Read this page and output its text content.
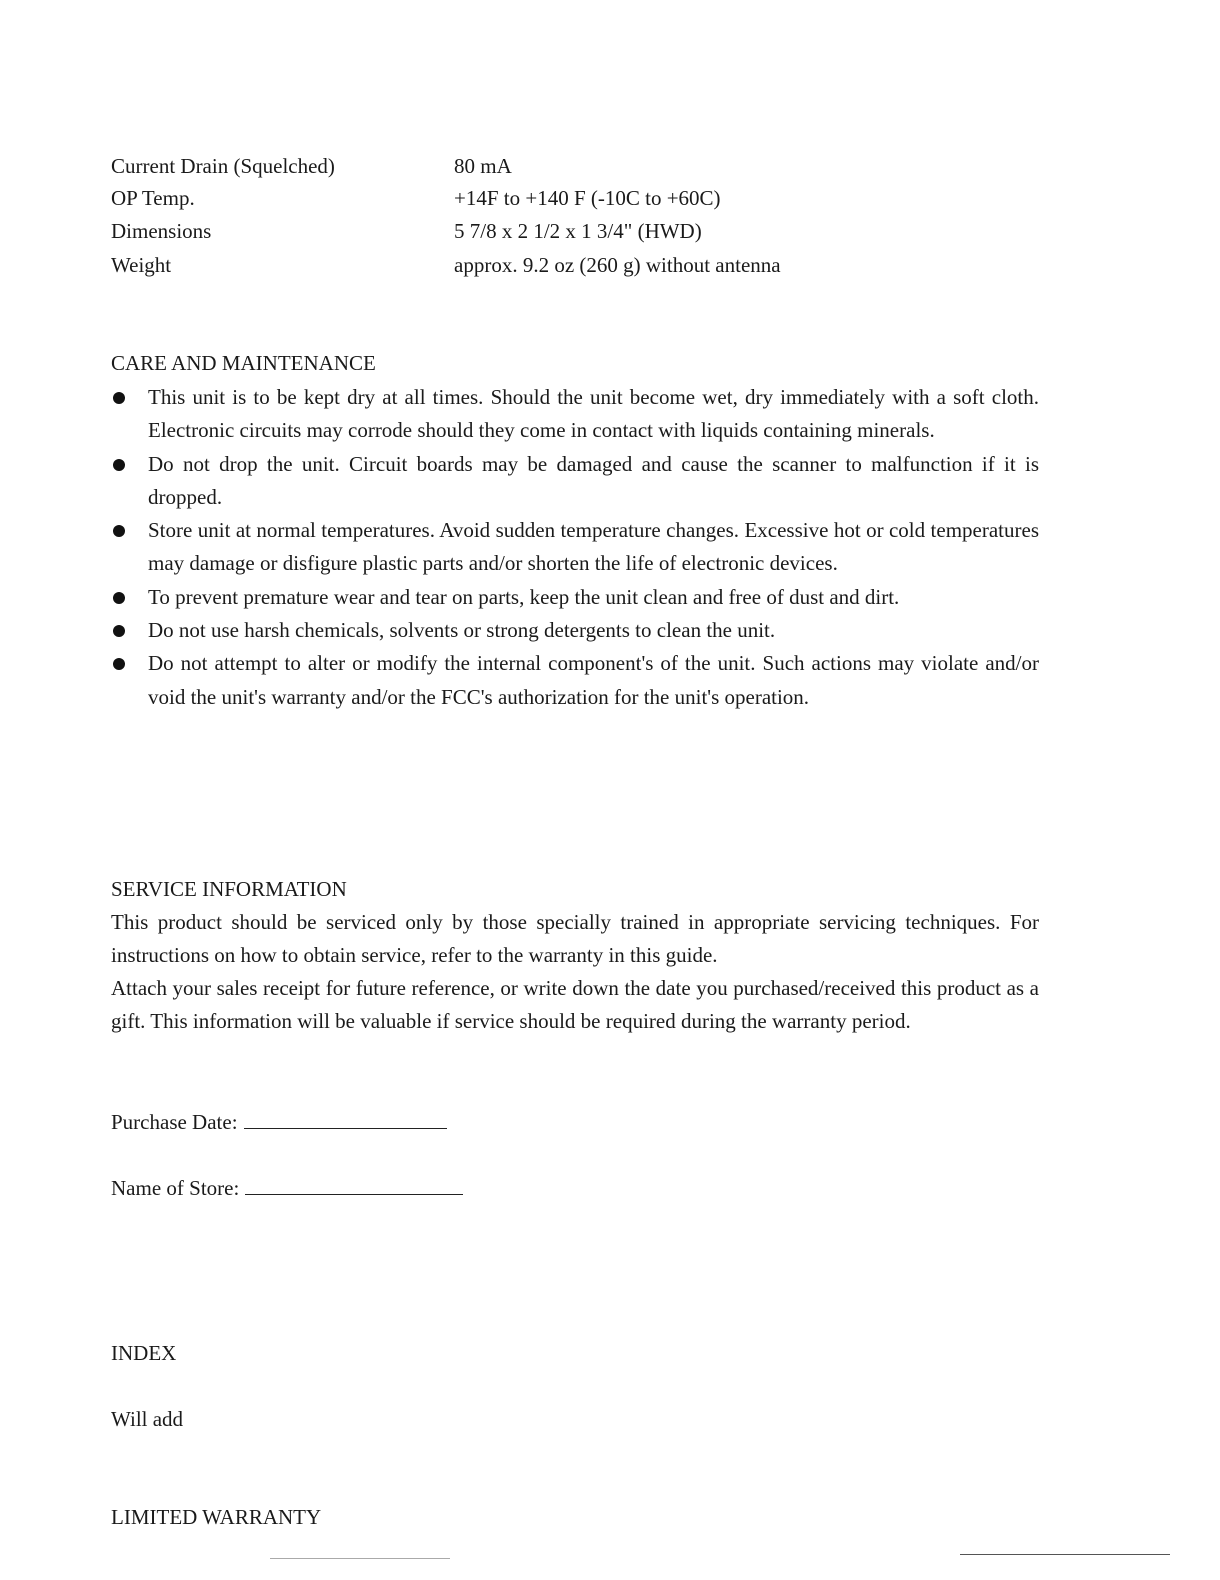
Current Drain (Squelched)	80 mA
OP Temp.	+14F to +140 F (-10C to +60C)
Dimensions	5 7/8 x 2 1/2 x 1 3/4" (HWD)
Weight	approx. 9.2 oz (260 g) without antenna
CARE AND MAINTENANCE
This unit is to be kept dry at all times. Should the unit become wet, dry immediately with a soft cloth. Electronic circuits may corrode should they come in contact with liquids containing minerals.
Do not drop the unit. Circuit boards may be damaged and cause the scanner to malfunction if it is dropped.
Store unit at normal temperatures. Avoid sudden temperature changes. Excessive hot or cold temperatures may damage or disfigure plastic parts and/or shorten the life of electronic devices.
To prevent premature wear and tear on parts, keep the unit clean and free of dust and dirt.
Do not use harsh chemicals, solvents or strong detergents to clean the unit.
Do not attempt to alter or modify the internal component's of the unit. Such actions may violate and/or void the unit's warranty and/or the FCC's authorization for the unit's operation.
SERVICE INFORMATION

This product should be serviced only by those specially trained in appropriate servicing techniques. For instructions on how to obtain service, refer to the warranty in this guide.

Attach your sales receipt for future reference, or write down the date you purchased/received this product as a gift. This information will be valuable if service should be required during the warranty period.

Purchase Date:
Name of Store:
INDEX
Will add
LIMITED WARRANTY
